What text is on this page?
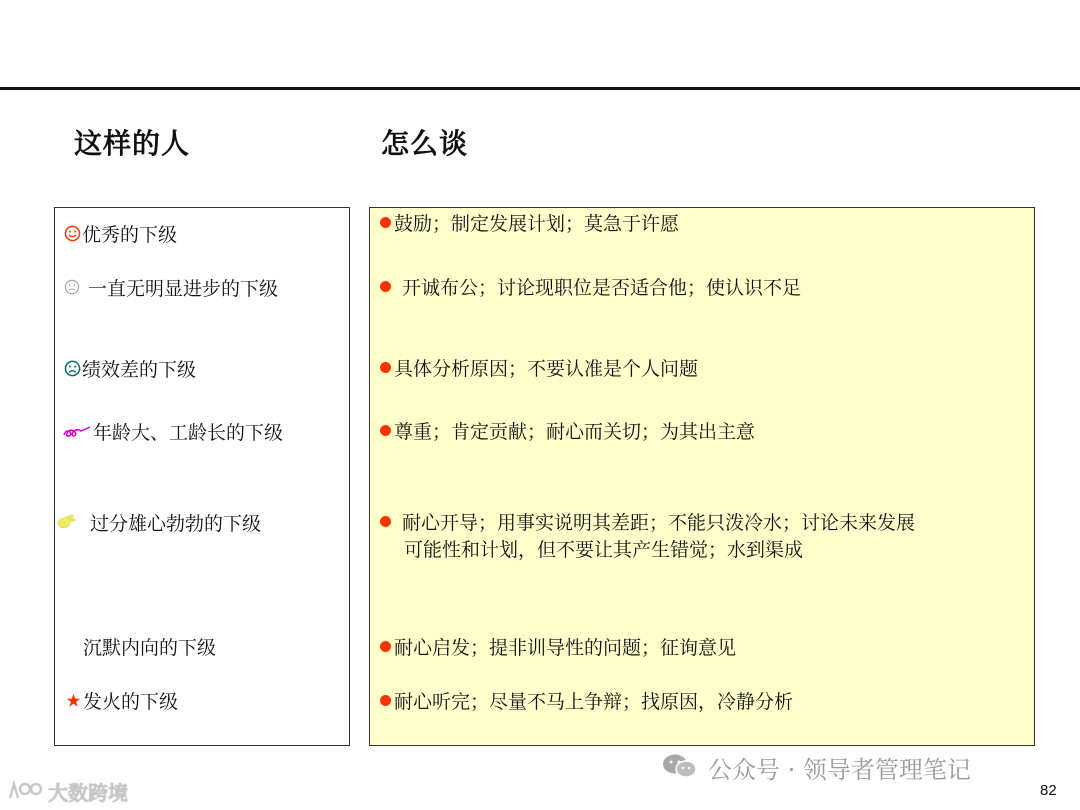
这样的人	怎么谈
优秀的下级
一直无明显进步的下级
绩效差的下级
年龄大、工龄长的下级
过分雄心勃勃的下级
沉默内向的下级
发火的下级
鼓励；制定发展计划；莫急于许愿
开诚布公；讨论现职位是否适合他；使认识不足
具体分析原因；不要认准是个人问题
尊重；肯定贡献；耐心而关切；为其出主意
耐心开导；用事实说明其差距；不能只泼冷水；讨论未来发展
可能性和计划，但不要让其产生错觉；水到渠成
耐心启发；提非训导性的问题；征询意见
耐心听完；尽量不马上争辩；找原因，冷静分析
公众号 · 领导者管理笔记
大数跨境	82
